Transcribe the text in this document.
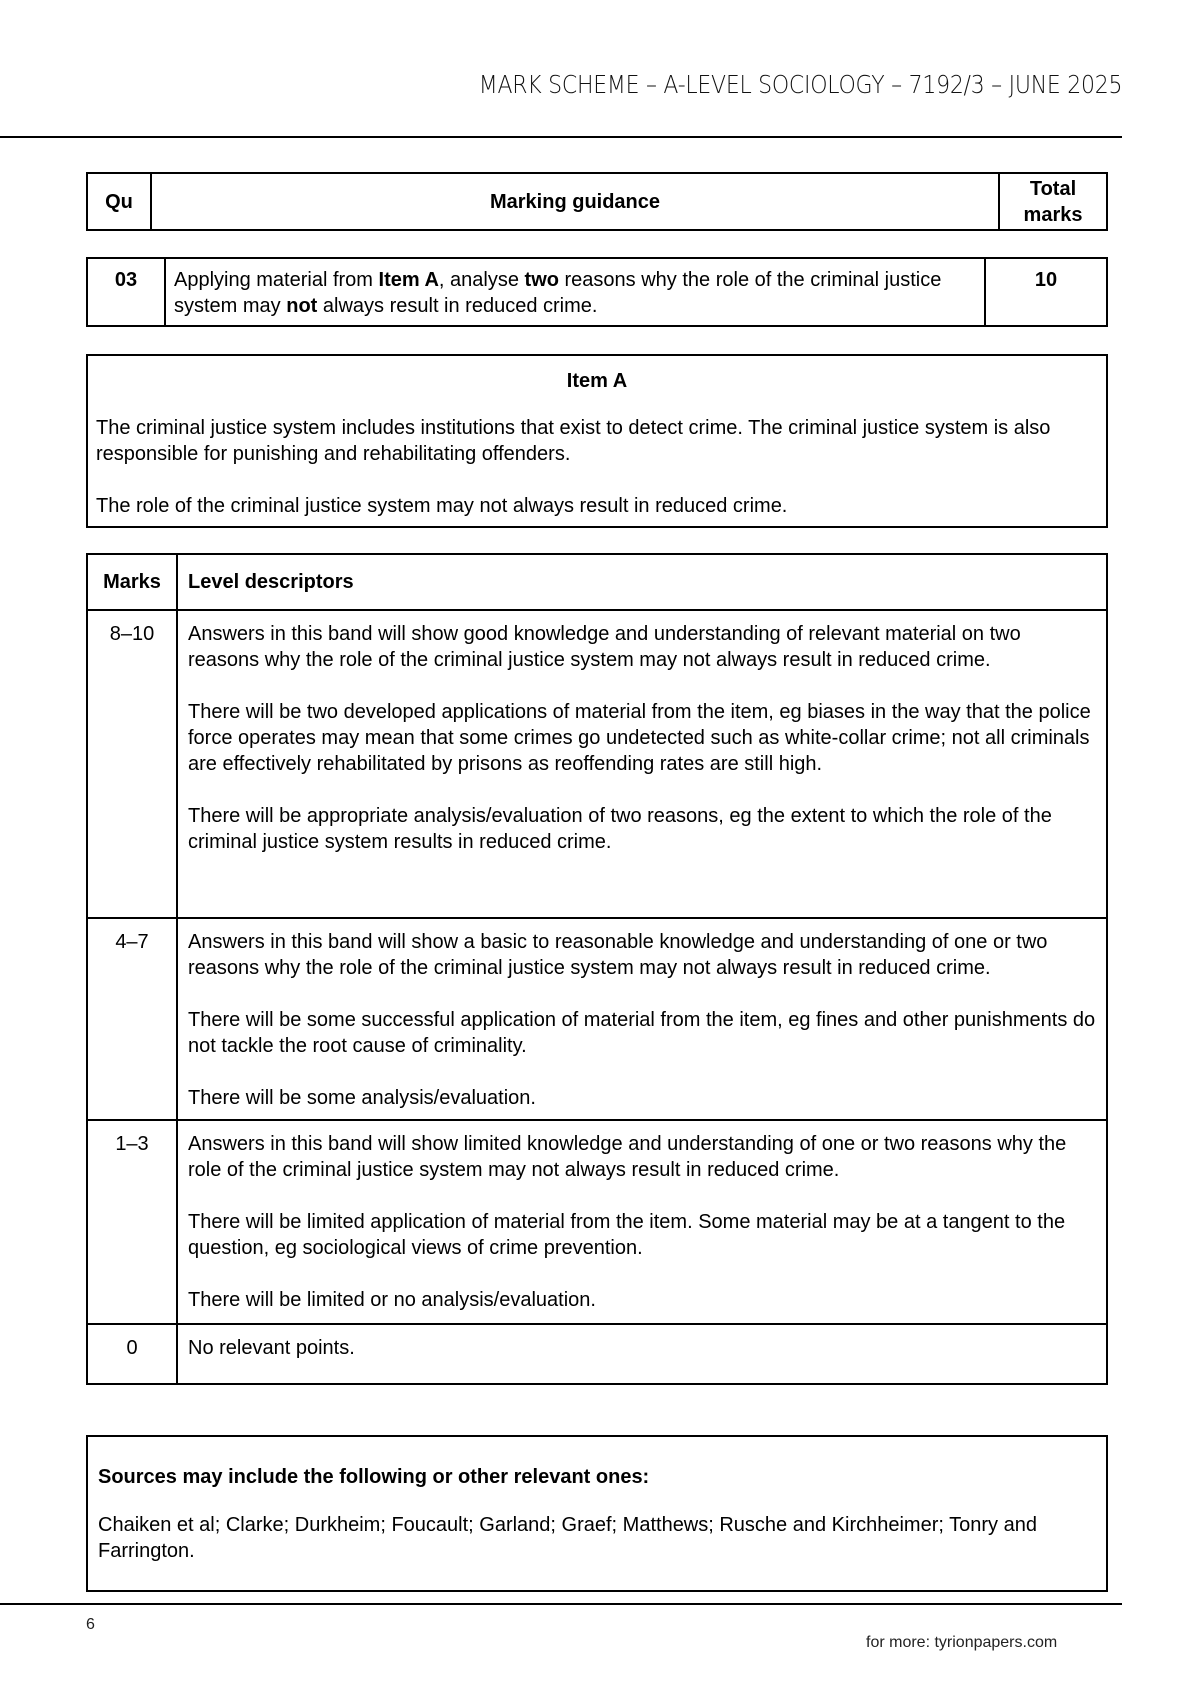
MARK SCHEME – A-LEVEL SOCIOLOGY – 7192/3 – JUNE 2025
Qu	Marking guidance	Total
marks
03	Applying material from Item A, analyse two reasons why the role of the criminal justice system may not always result in reduced crime.	10
Item A

The criminal justice system includes institutions that exist to detect crime. The criminal justice system is also responsible for punishing and rehabilitating offenders.

The role of the criminal justice system may not always result in reduced crime.

Marks	Level descriptors
8–10	Answers in this band will show good knowledge and understanding of relevant material on two reasons why the role of the criminal justice system may not always result in reduced crime.

There will be two developed applications of material from the item, eg biases in the way that the police force operates may mean that some crimes go undetected such as white-collar crime; not all criminals are effectively rehabilitated by prisons as reoffending rates are still high.

There will be appropriate analysis/evaluation of two reasons, eg the extent to which the role of the criminal justice system results in reduced crime.

4–7	Answers in this band will show a basic to reasonable knowledge and understanding of one or two reasons why the role of the criminal justice system may not always result in reduced crime.

There will be some successful application of material from the item, eg fines and other punishments do not tackle the root cause of criminality.

There will be some analysis/evaluation.

1–3	Answers in this band will show limited knowledge and understanding of one or two reasons why the role of the criminal justice system may not always result in reduced crime.

There will be limited application of material from the item. Some material may be at a tangent to the question, eg sociological views of crime prevention.

There will be limited or no analysis/evaluation.

0	No relevant points.

Sources may include the following or other relevant ones:
Chaiken et al; Clarke; Durkheim; Foucault; Garland; Graef; Matthews; Rusche and Kirchheimer; Tonry and Farrington.
6
for more: tyrionpapers.com
